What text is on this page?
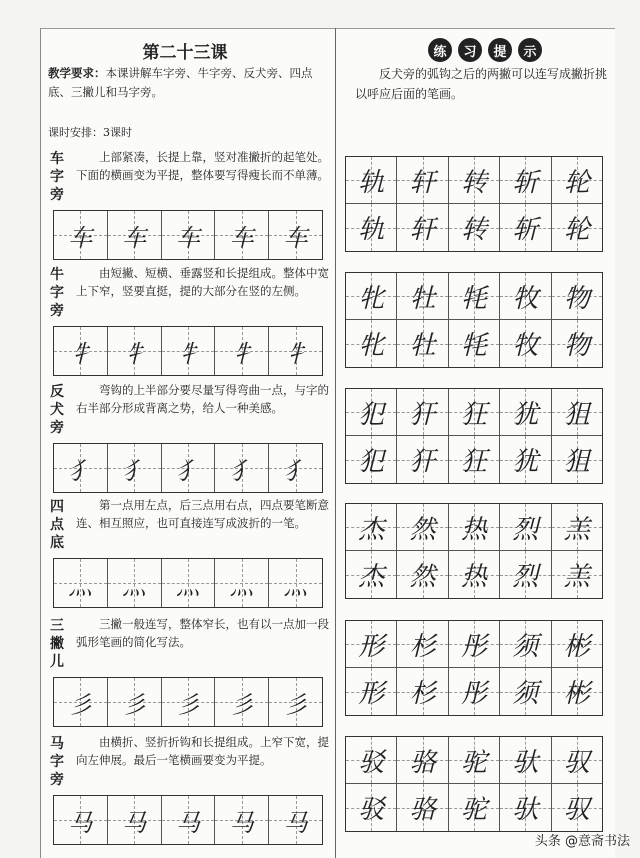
第二十三课
教学要求：本课讲解车字旁、牛字旁、反犬旁、四点底、三撇儿和马字旁。
课时安排：3课时
练	习	提	示
反犬旁的弧钩之后的两撇可以连写成撇折挑以呼应后面的笔画。
车字旁
上部紧凑，长提上靠，竖对准撇折的起笔处。下面的横画变为平提，整体要写得瘦长而不单薄。
车 车 车 车 车
轨 轩 转 斩 轮
轨 轩 转 斩 轮
牛字旁
由短撇、短横、垂露竖和长提组成。整体中宽上下窄，竖要直挺，提的大部分在竖的左侧。
牜 牜 牜 牜 牜
牝 牡 牦 牧 物
牝 牡 牦 牧 物
反犬旁
弯钩的上半部分要尽量写得弯曲一点，与字的右半部分形成背离之势，给人一种美感。
犭 犭 犭 犭 犭
犯 犴 狂 犹 狙
犯 犴 狂 犹 狙
四点底
第一点用左点，后三点用右点，四点要笔断意连、相互照应，也可直接连写成波折的一笔。
灬 灬 灬 灬 灬
杰 然 热 烈 羔
杰 然 热 烈 羔
三撇儿
三撇一般连写，整体窄长，也有以一点加一段弧形笔画的简化写法。
彡 彡 彡 彡 彡
形 杉 彤 须 彬
形 杉 彤 须 彬
马字旁
由横折、竖折折钩和长提组成。上窄下宽，提向左伸展。最后一笔横画要变为平提。
马 马 马 马 马
驳 骆 驼 驮 驭
驳 骆 驼 驮 驭
头条 @意斋书法
